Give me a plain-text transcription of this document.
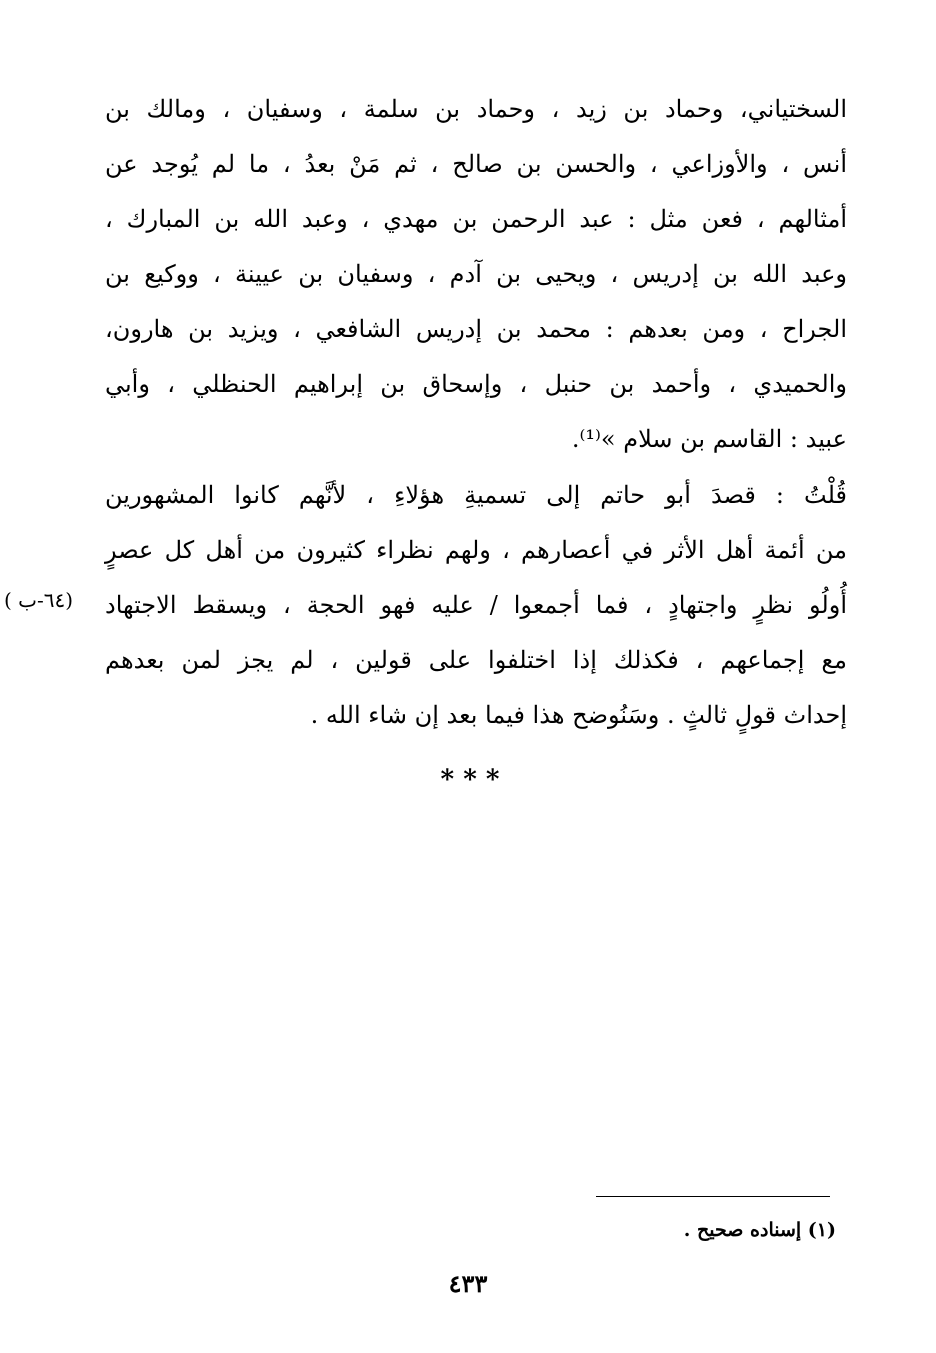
السختياني، وحماد بن زيد ، وحماد بن سلمة ، وسفيان ، ومالك بن
أنس ، والأوزاعي ، والحسن بن صالح ، ثم مَنْ بعدُ ، ما لم يُوجد عن
أمثالهم ، فعن مثل : عبد الرحمن بن مهدي ، وعبد الله بن المبارك ،
وعبد الله بن إدريس ، ويحيى بن آدم ، وسفيان بن عيينة ، ووكيع بن
الجراح ، ومن بعدهم : محمد بن إدريس الشافعي ، ويزيد بن هارون،
والحميدي ، وأحمد بن حنبل ، وإسحاق بن إبراهيم الحنظلي ، وأبي
عبيد : القاسم بن سلام »⁽¹⁾.
قُلْتُ : قصدَ أبو حاتم إلى تسميةِ هؤلاءِ ، لأنَّهم كانوا المشهورين
من أئمة أهل الأثر في أعصارهم ، ولهم نظراء كثيرون من أهل كل عصرٍ
أُولُو نظرٍ واجتهادٍ ، فما أجمعوا / عليه فهو الحجة ، ويسقط الاجتهاد
مع إجماعهم ، فكذلك إذا اختلفوا على قولين ، لم يجز لمن بعدهم
إحداث قولٍ ثالثٍ . وسَنُوضح هذا فيما بعد إن شاء الله .
(٦٤-ب )
* * *
(١) إسناده صحيح .
٤٣٣
